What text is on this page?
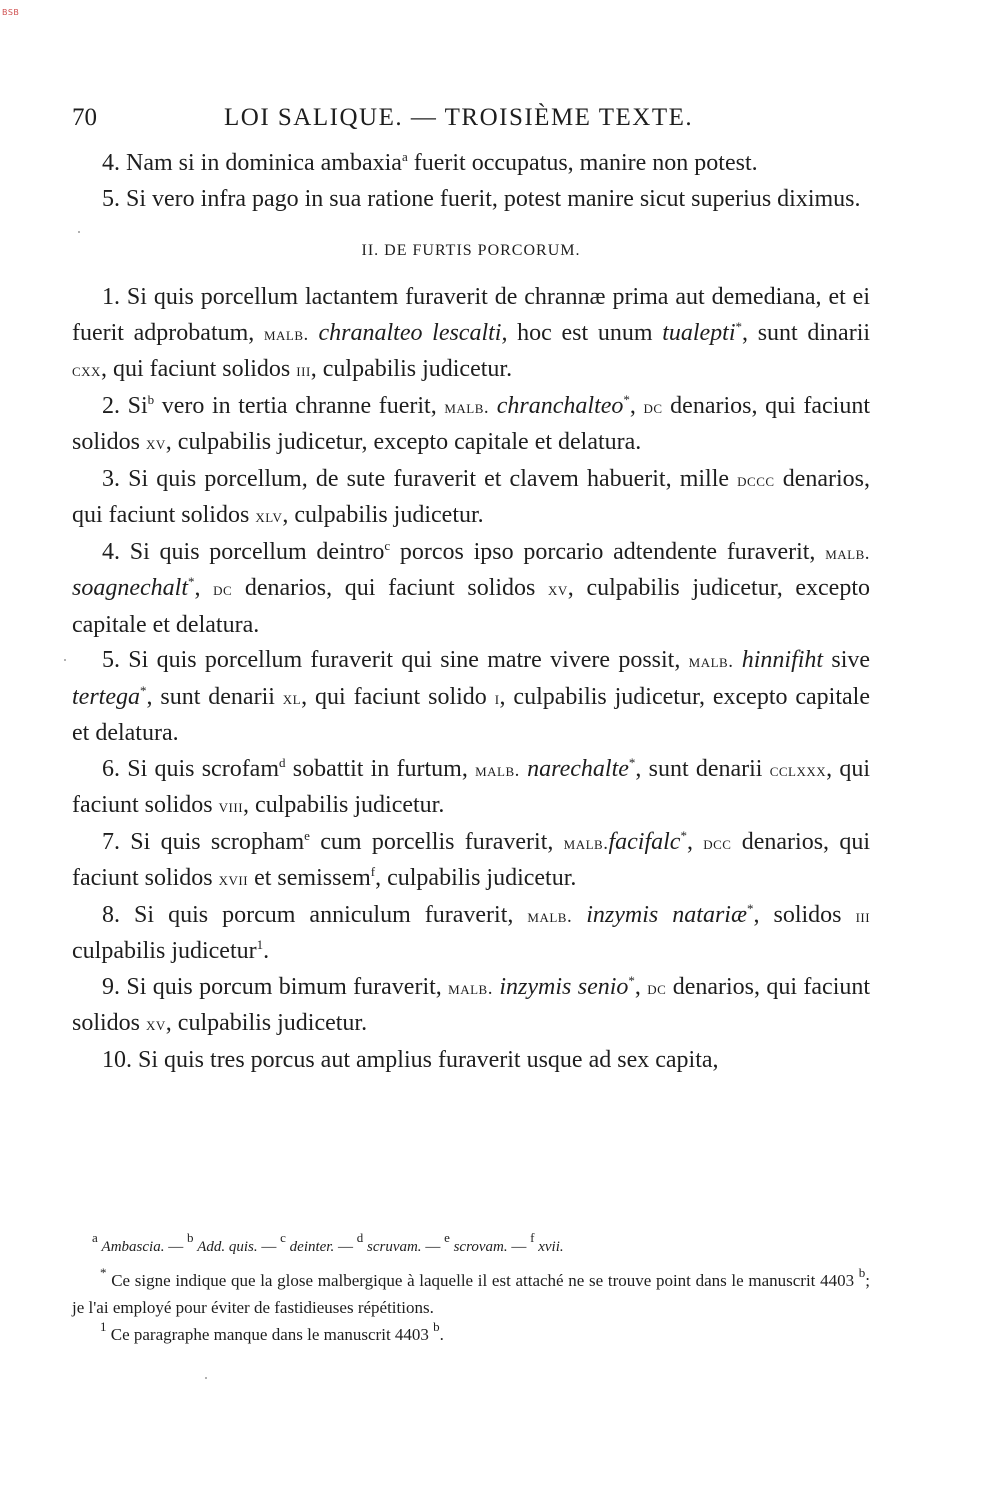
BSB
70	LOI SALIQUE. — TROISIÈME TEXTE.

4. Nam si in dominica ambaxia$^a$ fuerit occupatus, manire non potest.

5. Si vero infra pago in sua ratione fuerit, potest manire sicut superius diximus.

II. DE FURTIS PORCORUM.

1. Si quis porcellum lactantem furaverit de chrannæ prima aut demediana, et ei fuerit adprobatum, malb. chranalteo lescalti, hoc est unum tualepti*, sunt dinarii cxx, qui faciunt solidos iii, culpabilis judicetur.

2. Si$^b$ vero in tertia chranne fuerit, malb. chranchalteo*, dc denarios, qui faciunt solidos xv, culpabilis judicetur, excepto capitale et delatura.

3. Si quis porcellum, de sute furaverit et clavem habuerit, mille dccc denarios, qui faciunt solidos xlv, culpabilis judicetur.

4. Si quis porcellum deintro$^c$ porcos ipso porcario adtendente furaverit, malb. soagnechalt*, dc denarios, qui faciunt solidos xv, culpabilis judicetur, excepto capitale et delatura.

5. Si quis porcellum furaverit qui sine matre vivere possit, malb. hinnifiht sive tertega*, sunt denarii xl, qui faciunt solido i, culpabilis judicetur, excepto capitale et delatura.

6. Si quis scrofam$^d$ sobattit in furtum, malb. narechalte*, sunt denarii cclxxx, qui faciunt solidos viii, culpabilis judicetur.

7. Si quis scropham$^e$ cum porcellis furaverit, malb.facifalc*, dcc denarios, qui faciunt solidos xvii et semissem$^f$, culpabilis judicetur.

8. Si quis porcum anniculum furaverit, malb. inzymis natariæ*, solidos iii culpabilis judicetur$^1$.

9. Si quis porcum bimum furaverit, malb. inzymis senio*, dc denarios, qui faciunt solidos xv, culpabilis judicetur.

10. Si quis tres porcus aut amplius furaverit usque ad sex capita,

$^a$ Ambascia. — $^b$ Add. quis. — $^c$ deinter. — $^d$ scruvam. — $^e$ scrovam. — $^f$ xvii.

* Ce signe indique que la glose malbergique à laquelle il est attaché ne se trouve point dans le manuscrit 4403 $^b$; je l'ai employé pour éviter de fastidieuses répétitions.

$^1$ Ce paragraphe manque dans le manuscrit 4403 $^b$.
